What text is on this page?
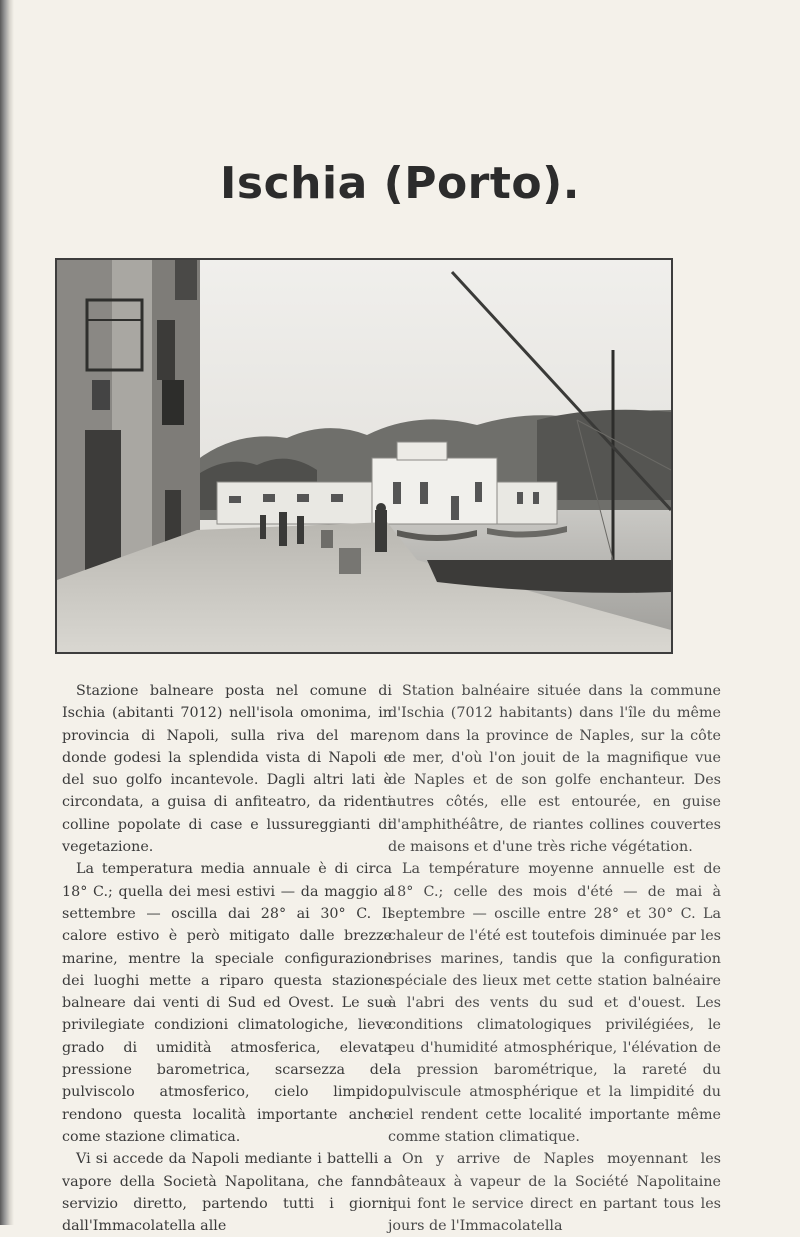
Ischia (Porto).

Stazione balneare posta nel comune di Ischia (abitanti 7012) nell'isola omonima, in provincia di Napoli, sulla riva del mare, donde godesi la splendida vista di Napoli e del suo golfo incantevole. Dagli altri lati è circondata, a guisa di anfiteatro, da ridenti colline popolate di case e lussureggianti di vegetazione.

La temperatura media annuale è di circa 18° C.; quella dei mesi estivi — da maggio a settembre — oscilla dai 28° ai 30° C. Il calore estivo è però mitigato dalle brezze marine, mentre la speciale configurazione dei luoghi mette a riparo questa stazione balneare dai venti di Sud ed Ovest. Le sue privilegiate condizioni climatologiche, lieve grado di umidità atmosferica, elevata pressione barometrica, scarsezza del pulviscolo atmosferico, cielo limpido, rendono questa località importante anche come stazione climatica.

Vi si accede da Napoli mediante i battelli a vapore della Società Napolitana, che fanno servizio diretto, partendo tutti i giorni dall'Immacolatella alle

Station balnéaire située dans la commune d'Ischia (7012 habitants) dans l'île du même nom dans la province de Naples, sur la côte de mer, d'où l'on jouit de la magnifique vue de Naples et de son golfe enchanteur. Des autres côtés, elle est entourée, en guise d'amphithéâtre, de riantes collines couvertes de maisons et d'une très riche végétation.

La température moyenne annuelle est de 18° C.; celle des mois d'été — de mai à septembre — oscille entre 28° et 30° C. La chaleur de l'été est toutefois diminuée par les brises marines, tandis que la configuration spéciale des lieux met cette station balnéaire à l'abri des vents du sud et d'ouest. Les conditions climatologiques privilégiées, le peu d'humidité atmosphérique, l'élévation de la pression barométrique, la rareté du pulviscule atmosphérique et la limpidité du ciel rendent cette localité importante même comme station climatique.

On y arrive de Naples moyennant les bâteaux à vapeur de la Société Napolitaine qui font le service direct en partant tous les jours de l'Immacolatella
